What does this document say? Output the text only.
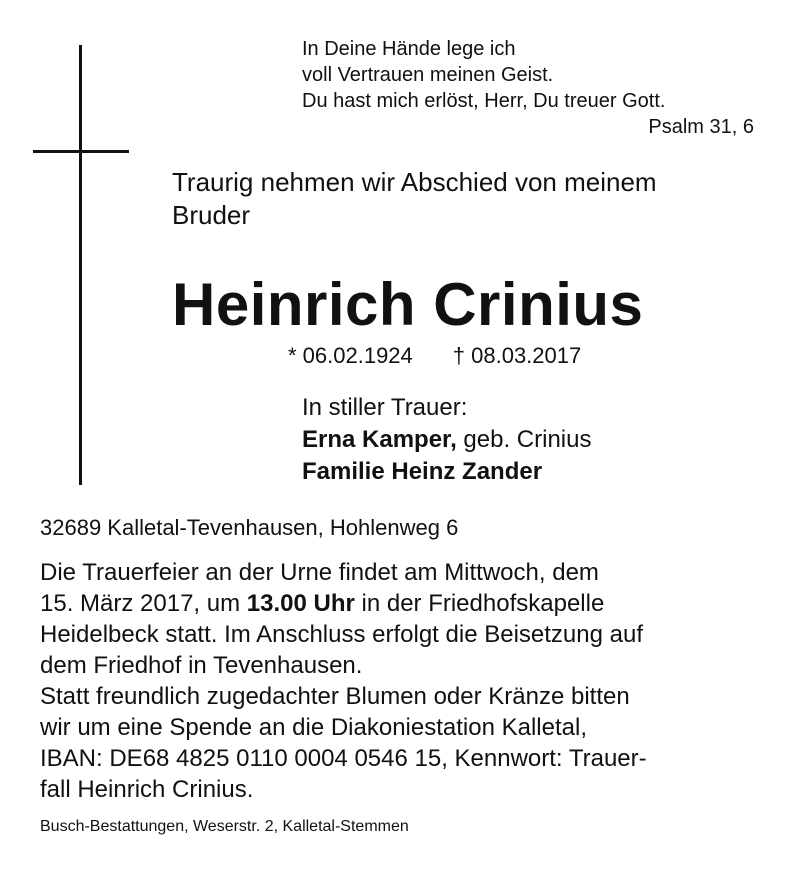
In Deine Hände lege ich
voll Vertrauen meinen Geist.
Du hast mich erlöst, Herr, Du treuer Gott.
Psalm 31, 6
Traurig nehmen wir Abschied von meinem
Bruder
Heinrich Crinius
* 06.02.1924 † 08.03.2017
In stiller Trauer:
Erna Kamper, geb. Crinius
Familie Heinz Zander
32689 Kalletal-Tevenhausen, Hohlenweg 6
Die Trauerfeier an der Urne findet am Mittwoch, dem
15. März 2017, um 13.00 Uhr in der Friedhofskapelle
Heidelbeck statt. Im Anschluss erfolgt die Beisetzung auf
dem Friedhof in Tevenhausen.
Statt freundlich zugedachter Blumen oder Kränze bitten
wir um eine Spende an die Diakoniestation Kalletal,
IBAN: DE68 4825 0110 0004 0546 15, Kennwort: Trauer-
fall Heinrich Crinius.
Busch-Bestattungen, Weserstr. 2, Kalletal-Stemmen
